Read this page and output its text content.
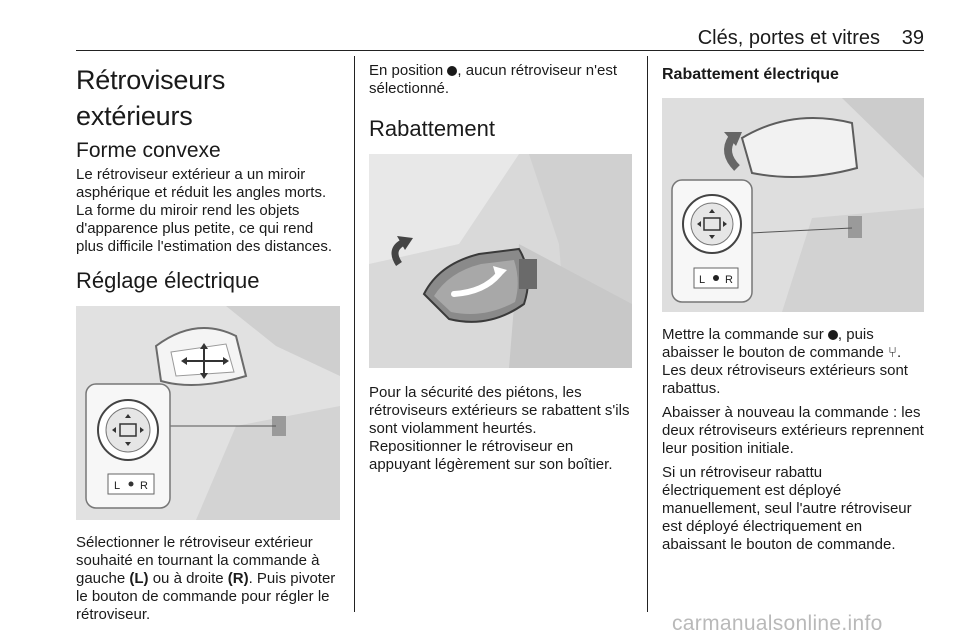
Clés, portes et vitres	39
Rétroviseurs extérieurs
Forme convexe

Le rétroviseur extérieur a un miroir asphérique et réduit les angles morts. La forme du miroir rend les objets d'apparence plus petite, ce qui rend plus difficile l'estimation des distances.

Réglage électrique
L R

Sélectionner le rétroviseur extérieur souhaité en tournant la commande à gauche (L) ou à droite (R). Puis pivoter le bouton de commande pour régler le rétroviseur.

En position , aucun rétroviseur n'est sélectionné.

Rabattement

Pour la sécurité des piétons, les rétroviseurs extérieurs se rabattent s'ils sont violamment heurtés. Repositionner le rétroviseur en appuyant légèrement sur son boîtier.

Rabattement électrique
L R

Mettre la commande sur , puis abaisser le bouton de commande ⑂. Les deux rétroviseurs extérieurs sont rabattus.

Abaisser à nouveau la commande : les deux rétroviseurs extérieurs reprennent leur position initiale.

Si un rétroviseur rabattu électriquement est déployé manuellement, seul l'autre rétroviseur est déployé électriquement en abaissant le bouton de commande.

carmanualsonline.info
